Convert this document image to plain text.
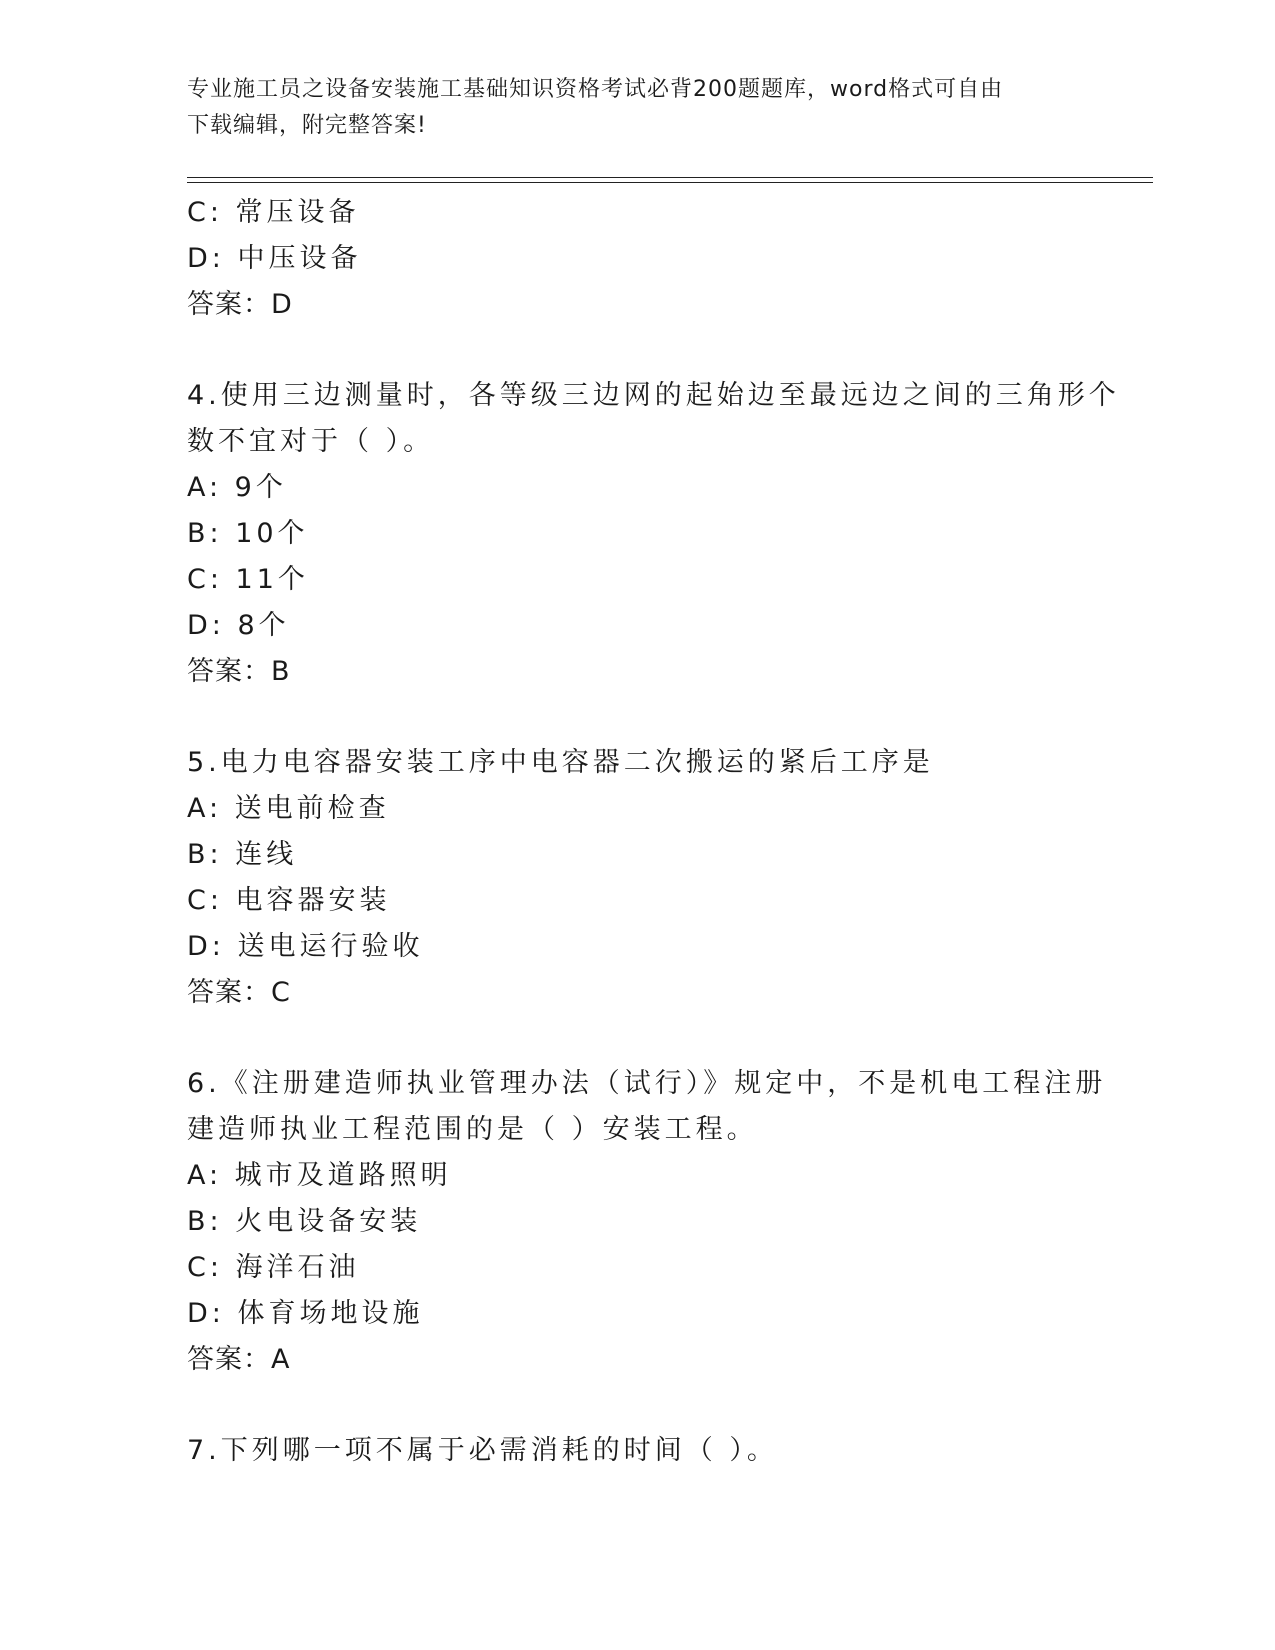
专业施工员之设备安装施工基础知识资格考试必背200题题库，word格式可自由
下载编辑，附完整答案!
C: 常压设备
D: 中压设备
答案：D
4.使用三边测量时，各等级三边网的起始边至最远边之间的三角形个
数不宜对于（ ）。
A: 9个
B: 10个
C: 11个
D: 8个
答案：B
5.电力电容器安装工序中电容器二次搬运的紧后工序是
A: 送电前检查
B: 连线
C: 电容器安装
D: 送电运行验收
答案：C
6.《注册建造师执业管理办法（试行）》规定中，不是机电工程注册
建造师执业工程范围的是（ ）安装工程。
A: 城市及道路照明
B: 火电设备安装
C: 海洋石油
D: 体育场地设施
答案：A
7.下列哪一项不属于必需消耗的时间（ ）。
